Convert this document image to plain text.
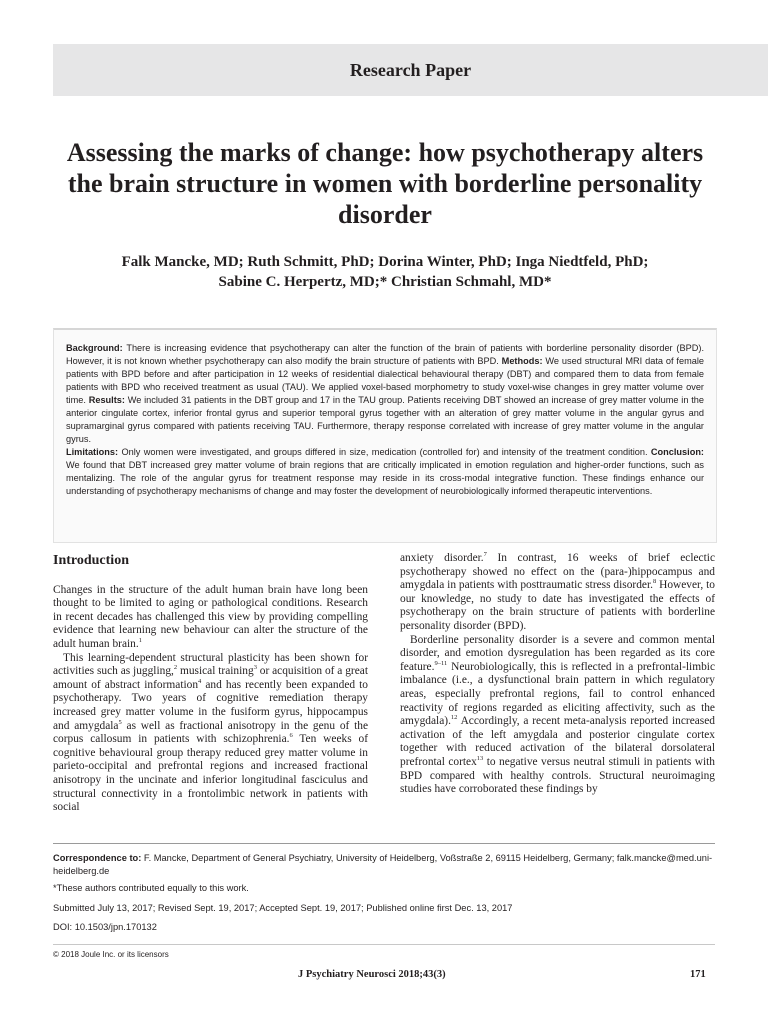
Research Paper
Assessing the marks of change: how psychotherapy alters the brain structure in women with borderline personality disorder
Falk Mancke, MD; Ruth Schmitt, PhD; Dorina Winter, PhD; Inga Niedtfeld, PhD;
Sabine C. Herpertz, MD;* Christian Schmahl, MD*
Background: There is increasing evidence that psychotherapy can alter the function of the brain of patients with borderline personality disorder (BPD). However, it is not known whether psychotherapy can also modify the brain structure of patients with BPD. Methods: We used structural MRI data of female patients with BPD before and after participation in 12 weeks of residential dialectical behavioural therapy (DBT) and compared them to data from female patients with BPD who received treatment as usual (TAU). We applied voxel-based morphometry to study voxel-wise changes in grey matter volume over time. Results: We included 31 patients in the DBT group and 17 in the TAU group. Patients receiving DBT showed an increase of grey matter volume in the anterior cingulate cortex, inferior frontal gyrus and superior temporal gyrus together with an alteration of grey matter volume in the angular gyrus and supramarginal gyrus compared with patients receiving TAU. Furthermore, therapy response correlated with increase of grey matter volume in the angular gyrus.
Limitations: Only women were investigated, and groups differed in size, medication (controlled for) and intensity of the treatment condition. Conclusion: We found that DBT increased grey matter volume of brain regions that are critically implicated in emotion regulation and higher-order functions, such as mentalizing. The role of the angular gyrus for treatment response may reside in its cross-modal integrative function. These findings enhance our understanding of psychotherapy mechanisms of change and may foster the development of neurobiologically informed therapeutic interventions.
Introduction

Changes in the structure of the adult human brain have long been thought to be limited to aging or pathological conditions. Research in recent decades has challenged this view by providing compelling evidence that learning new behaviour can alter the structure of the adult human brain.$^1$

This learning-dependent structural plasticity has been shown for activities such as juggling,$^2$ musical training$^3$ or acquisition of a great amount of abstract information$^4$ and has recently been expanded to psychotherapy. Two years of cognitive remediation therapy increased grey matter volume in the fusiform gyrus, hippocampus and amygdala$^5$ as well as fractional anisotropy in the genu of the corpus callosum in patients with schizophrenia.$^6$ Ten weeks of cognitive behavioural group therapy reduced grey matter volume in parieto-occipital and prefrontal regions and increased fractional anisotropy in the uncinate and inferior longitudinal fasciculus and structural connectivity in a frontolimbic network in patients with social

anxiety disorder.$^7$ In contrast, 16 weeks of brief eclectic psychotherapy showed no effect on the (para-)hippocampus and amygdala in patients with posttraumatic stress disorder.$^8$ However, to our knowledge, no study to date has investigated the effects of psychotherapy on the brain structure of patients with borderline personality disorder (BPD).

Borderline personality disorder is a severe and common mental disorder, and emotion dysregulation has been regarded as its core feature.$^{9-11}$ Neurobiologically, this is reflected in a prefrontal-limbic imbalance (i.e., a dysfunctional brain pattern in which regulatory areas, especially prefrontal regions, fail to control enhanced reactivity of regions regarded as eliciting affectivity, such as the amygdala).$^{12}$ Accordingly, a recent meta-analysis reported increased activation of the left amygdala and posterior cingulate cortex together with reduced activation of the bilateral dorsolateral prefrontal cortex$^{13}$ to negative versus neutral stimuli in patients with BPD compared with healthy controls. Structural neuroimaging studies have corroborated these findings by

Correspondence to: F. Mancke, Department of General Psychiatry, University of Heidelberg, Voßstraße 2, 69115 Heidelberg, Germany; falk.mancke@med.uni-heidelberg.de
*These authors contributed equally to this work.
Submitted July 13, 2017; Revised Sept. 19, 2017; Accepted Sept. 19, 2017; Published online first Dec. 13, 2017
DOI: 10.1503/jpn.170132
© 2018 Joule Inc. or its licensors
J Psychiatry Neurosci 2018;43(3)	171
